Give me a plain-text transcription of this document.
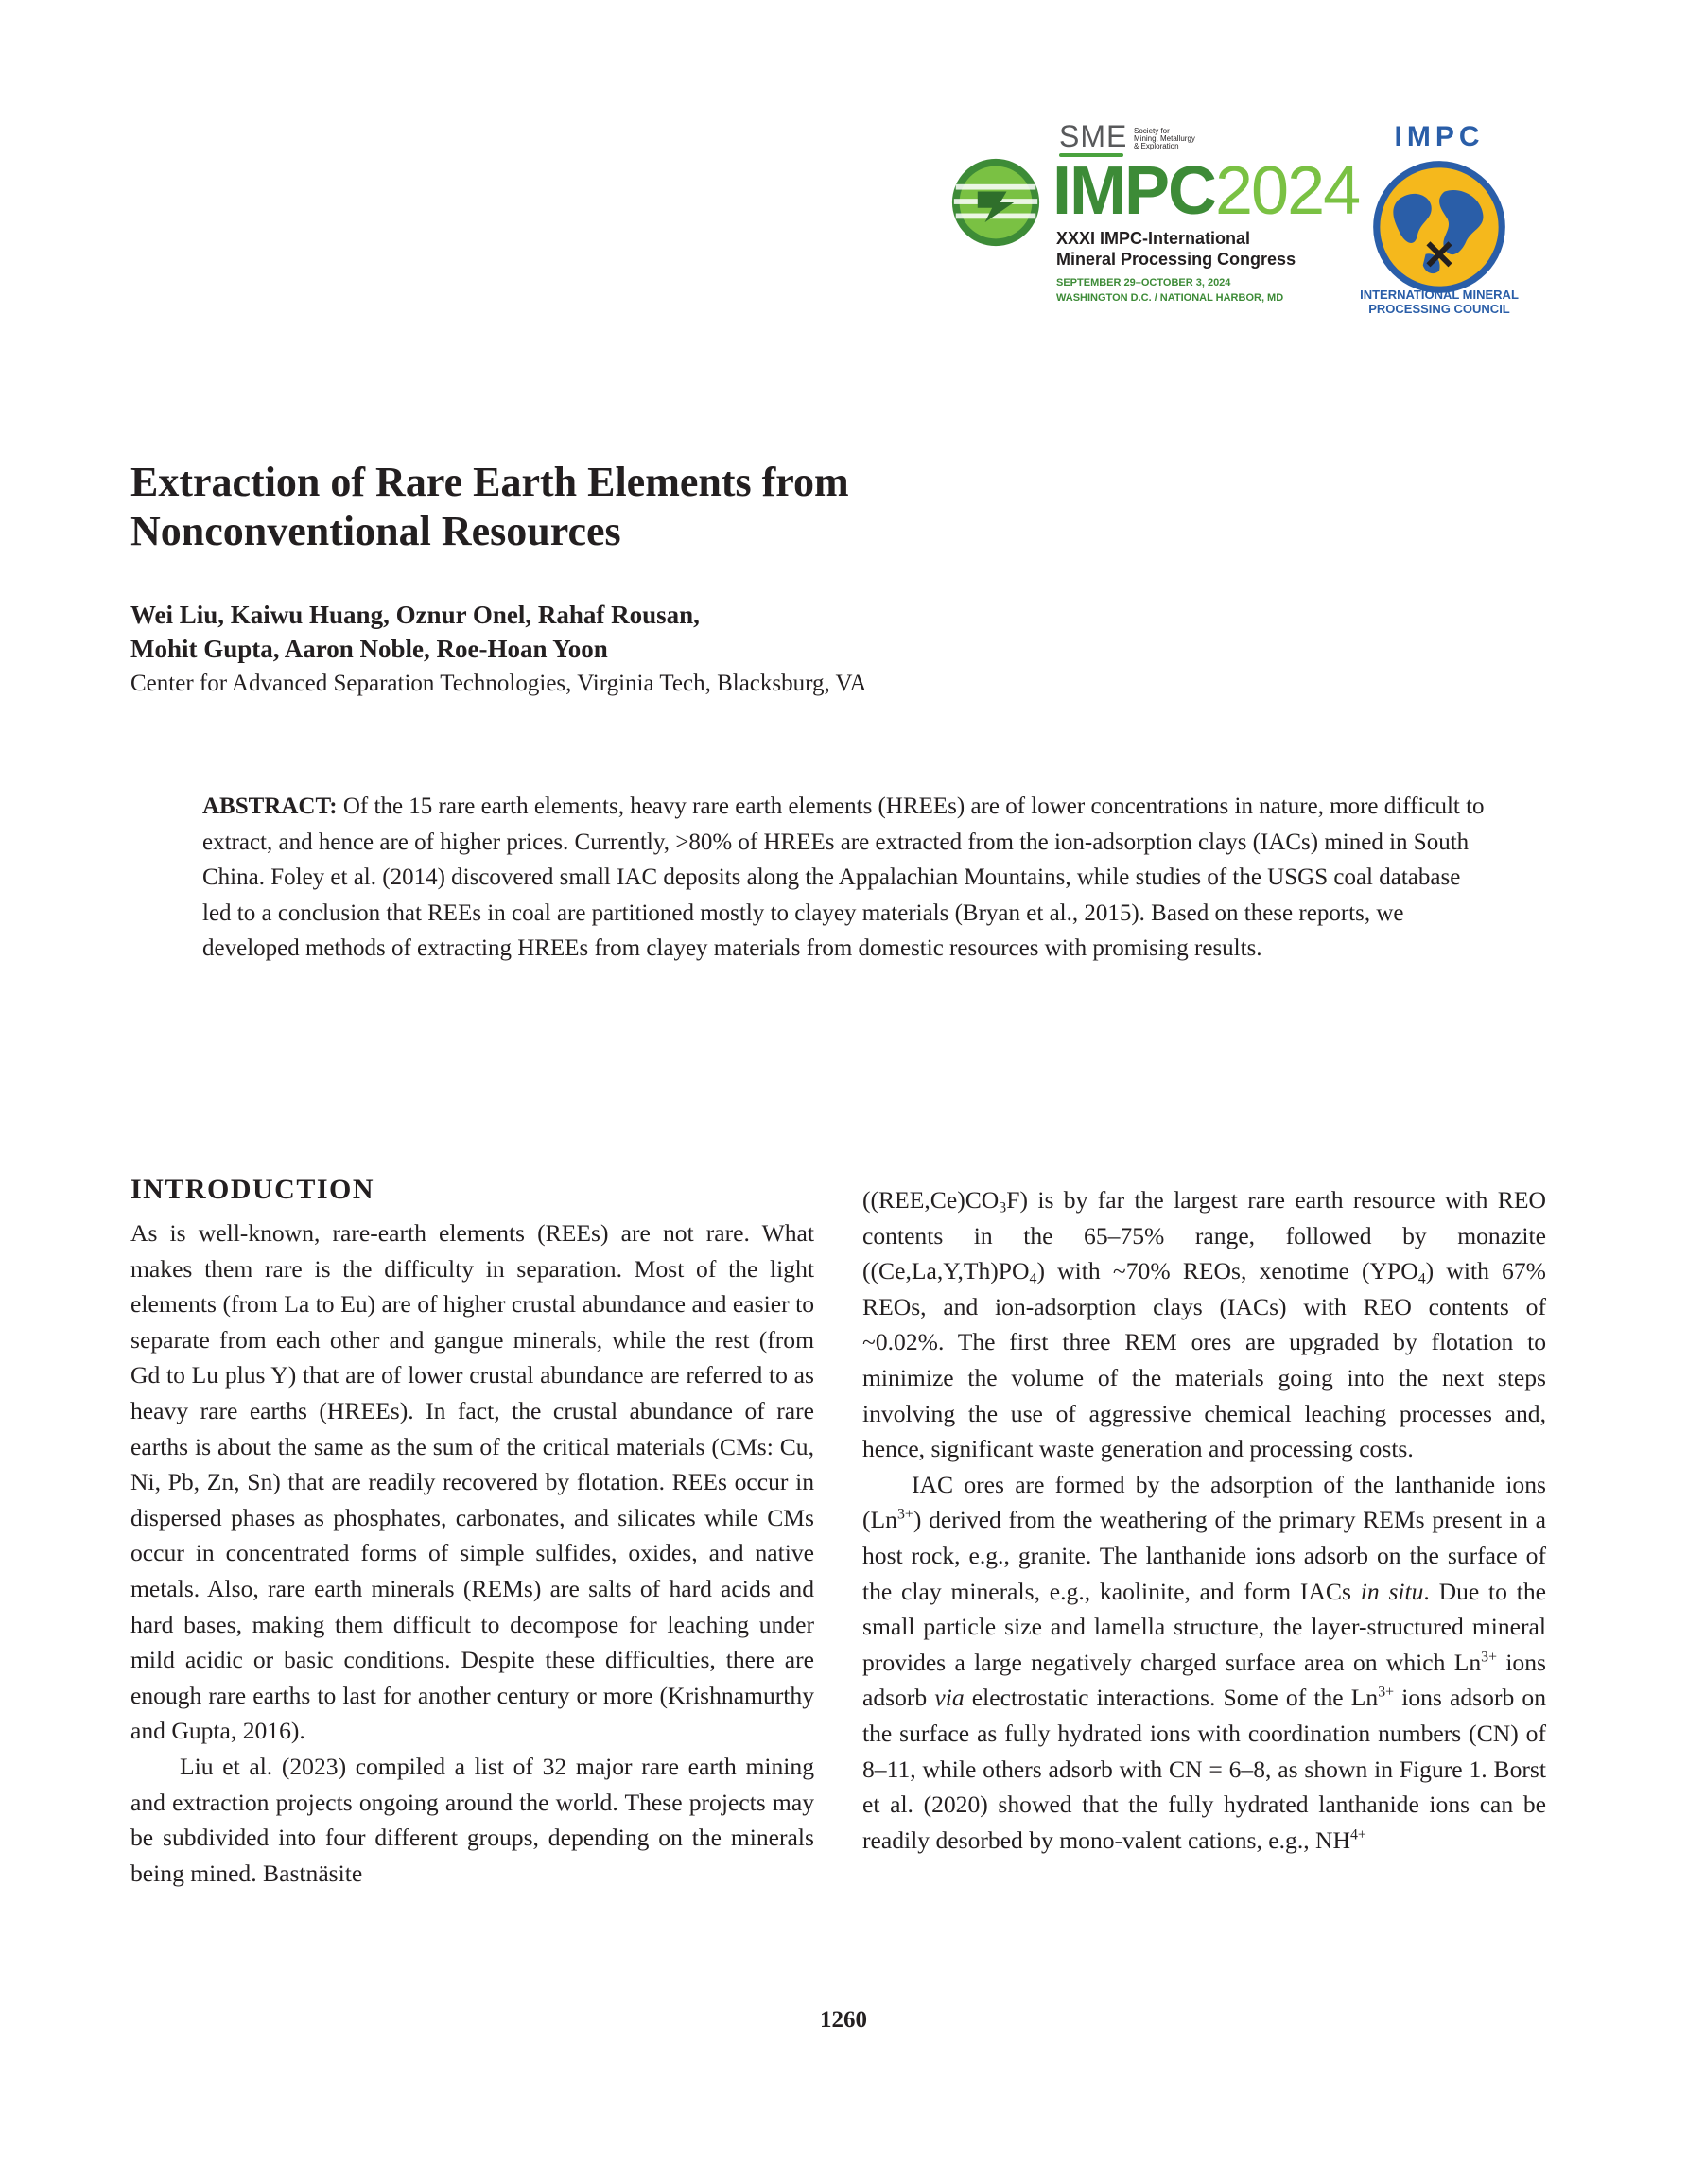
SME Society for
Mining, Metallurgy
& Exploration
IMPC2024
XXXI IMPC-International
Mineral Processing Congress
SEPTEMBER 29–OCTOBER 3, 2024
WASHINGTON D.C. / NATIONAL HARBOR, MD
IMPC
INTERNATIONAL MINERAL
PROCESSING COUNCIL
Extraction of Rare Earth Elements from
Nonconventional Resources
Wei Liu, Kaiwu Huang, Oznur Onel, Rahaf Rousan,
Mohit Gupta, Aaron Noble, Roe-Hoan Yoon
Center for Advanced Separation Technologies, Virginia Tech, Blacksburg, VA
ABSTRACT: Of the 15 rare earth elements, heavy rare earth elements (HREEs) are of lower concentrations in nature, more difficult to extract, and hence are of higher prices. Currently, >80% of HREEs are extracted from the ion-adsorption clays (IACs) mined in South China. Foley et al. (2014) discovered small IAC deposits along the Appalachian Mountains, while studies of the USGS coal database led to a conclusion that REEs in coal are partitioned mostly to clayey materials (Bryan et al., 2015). Based on these reports, we developed methods of extracting HREEs from clayey materials from domestic resources with promising results.
INTRODUCTION

As is well-known, rare-earth elements (REEs) are not rare. What makes them rare is the difficulty in separation. Most of the light elements (from La to Eu) are of higher crustal abundance and easier to separate from each other and gangue minerals, while the rest (from Gd to Lu plus Y) that are of lower crustal abundance are referred to as heavy rare earths (HREEs). In fact, the crustal abundance of rare earths is about the same as the sum of the critical materials (CMs: Cu, Ni, Pb, Zn, Sn) that are readily recovered by flotation. REEs occur in dispersed phases as phosphates, carbonates, and silicates while CMs occur in concentrated forms of simple sulfides, oxides, and native metals. Also, rare earth minerals (REMs) are salts of hard acids and hard bases, making them difficult to decompose for leaching under mild acidic or basic conditions. Despite these difficulties, there are enough rare earths to last for another century or more (Krishnamurthy and Gupta, 2016).

Liu et al. (2023) compiled a list of 32 major rare earth mining and extraction projects ongoing around the world. These projects may be subdivided into four different groups, depending on the minerals being mined. Bastnäsite

$((REE,Ce)CO_3F)$ is by far the largest rare earth resource with REO contents in the 65–75% range, followed by monazite $((Ce,La,Y,Th)PO_4)$ with ~70% REOs, xenotime $(YPO_4)$ with 67% REOs, and ion-adsorption clays (IACs) with REO contents of ~0.02%. The first three REM ores are upgraded by flotation to minimize the volume of the materials going into the next steps involving the use of aggressive chemical leaching processes and, hence, significant waste generation and processing costs.

IAC ores are formed by the adsorption of the lanthanide ions $(Ln^{3+})$ derived from the weathering of the primary REMs present in a host rock, e.g., granite. The lanthanide ions adsorb on the surface of the clay minerals, e.g., kaolinite, and form IACs in situ. Due to the small particle size and lamella structure, the layer-structured mineral provides a large negatively charged surface area on which $Ln^{3+}$ ions adsorb via electrostatic interactions. Some of the $Ln^{3+}$ ions adsorb on the surface as fully hydrated ions with coordination numbers (CN) of 8–11, while others adsorb with CN = 6–8, as shown in Figure 1. Borst et al. (2020) showed that the fully hydrated lanthanide ions can be readily desorbed by mono-valent cations, e.g., $NH^{4+}$

1260
